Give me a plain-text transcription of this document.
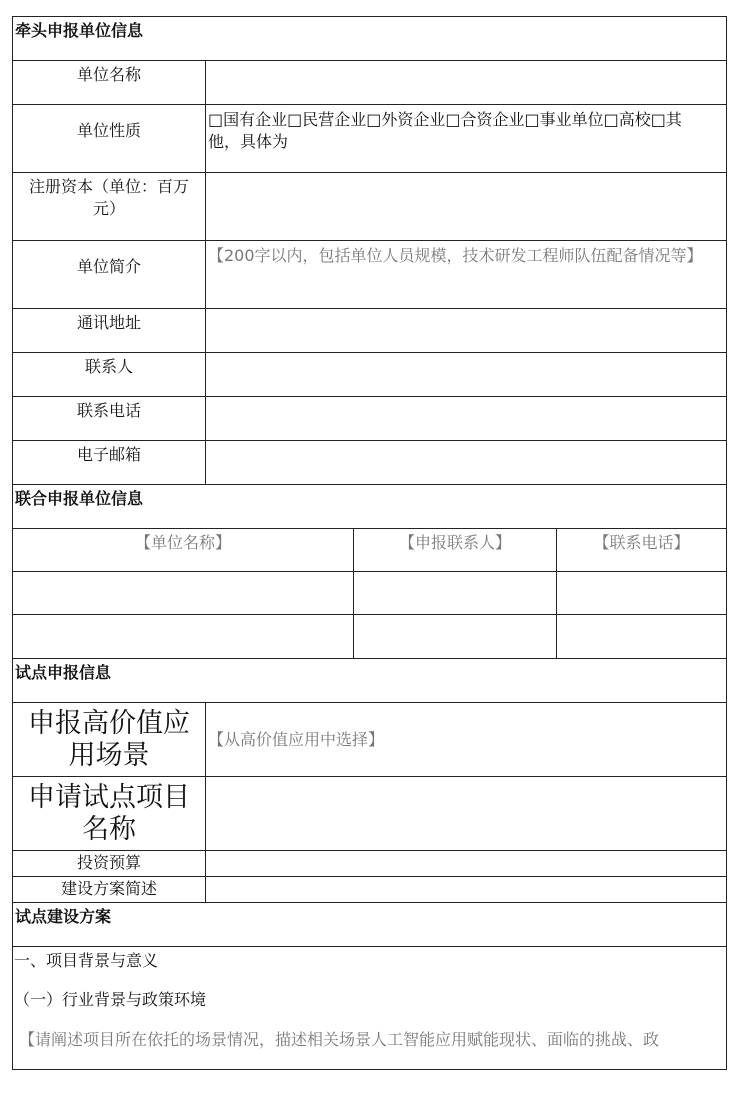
牵头申报单位信息
单位名称
单位性质
□国有企业□民营企业□外资企业□合资企业□事业单位□高校□其他，具体为
注册资本（单位：百万元）
单位简介
【200字以内，包括单位人员规模，技术研发工程师队伍配备情况等】
通讯地址
联系人
联系电话
电子邮箱
联合申报单位信息
【单位名称】	【申报联系人】	【联系电话】
试点申报信息
申报高价值应用场景
【从高价值应用中选择】
申请试点项目名称
投资预算
建设方案简述
试点建设方案
一、项目背景与意义
（一）行业背景与政策环境
【请阐述项目所在依托的场景情况，描述相关场景人工智能应用赋能现状、面临的挑战、政
